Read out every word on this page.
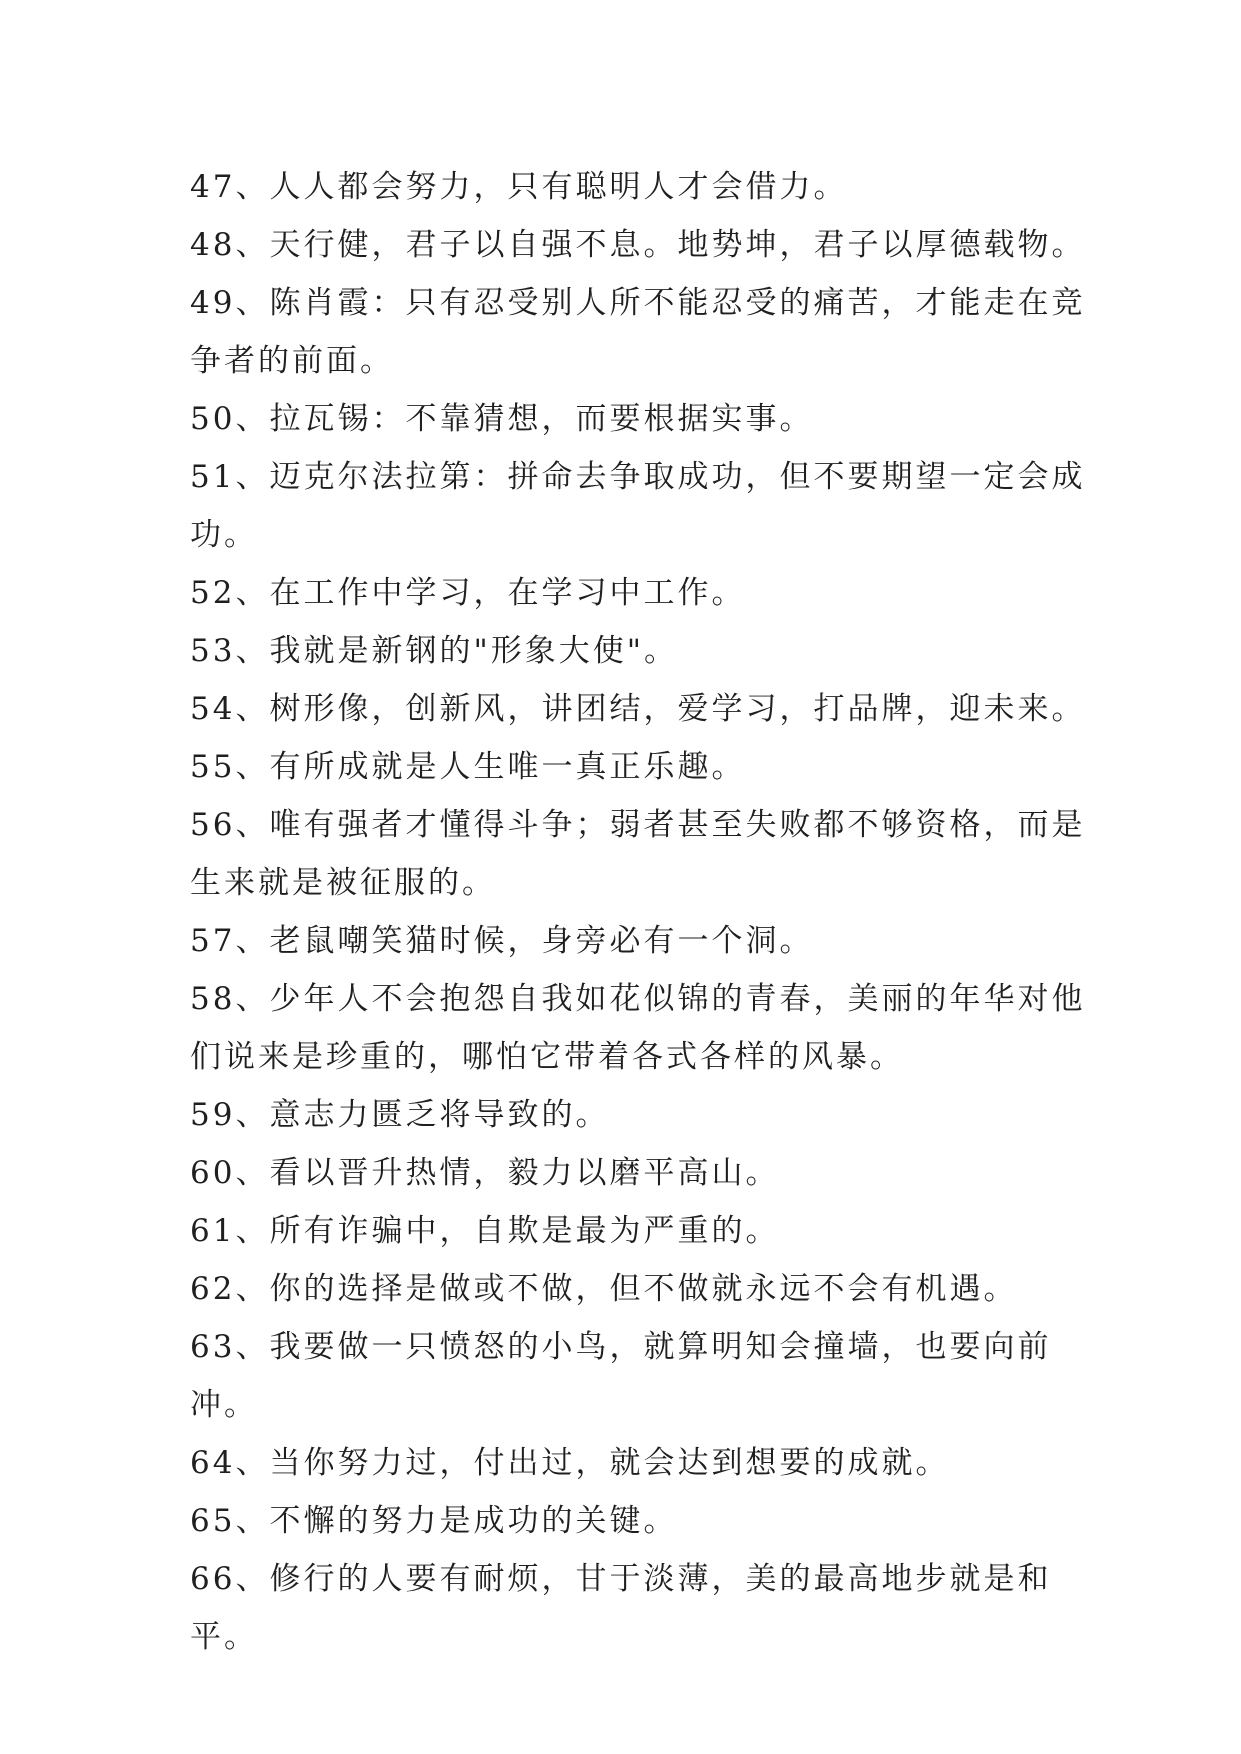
47、人人都会努力，只有聪明人才会借力。

48、天行健，君子以自强不息。地势坤，君子以厚德载物。

49、陈肖霞：只有忍受别人所不能忍受的痛苦，才能走在竞争者的前面。

50、拉瓦锡：不靠猜想，而要根据实事。

51、迈克尔法拉第：拼命去争取成功，但不要期望一定会成功。

52、在工作中学习，在学习中工作。

53、我就是新钢的"形象大使"。

54、树形像，创新风，讲团结，爱学习，打品牌，迎未来。

55、有所成就是人生唯一真正乐趣。

56、唯有强者才懂得斗争；弱者甚至失败都不够资格，而是生来就是被征服的。

57、老鼠嘲笑猫时候，身旁必有一个洞。

58、少年人不会抱怨自我如花似锦的青春，美丽的年华对他们说来是珍重的，哪怕它带着各式各样的风暴。

59、意志力匮乏将导致的。

60、看以晋升热情，毅力以磨平高山。

61、所有诈骗中，自欺是最为严重的。

62、你的选择是做或不做，但不做就永远不会有机遇。

63、我要做一只愤怒的小鸟，就算明知会撞墙，也要向前冲。

64、当你努力过，付出过，就会达到想要的成就。

65、不懈的努力是成功的关键。

66、修行的人要有耐烦，甘于淡薄，美的最高地步就是和平。
